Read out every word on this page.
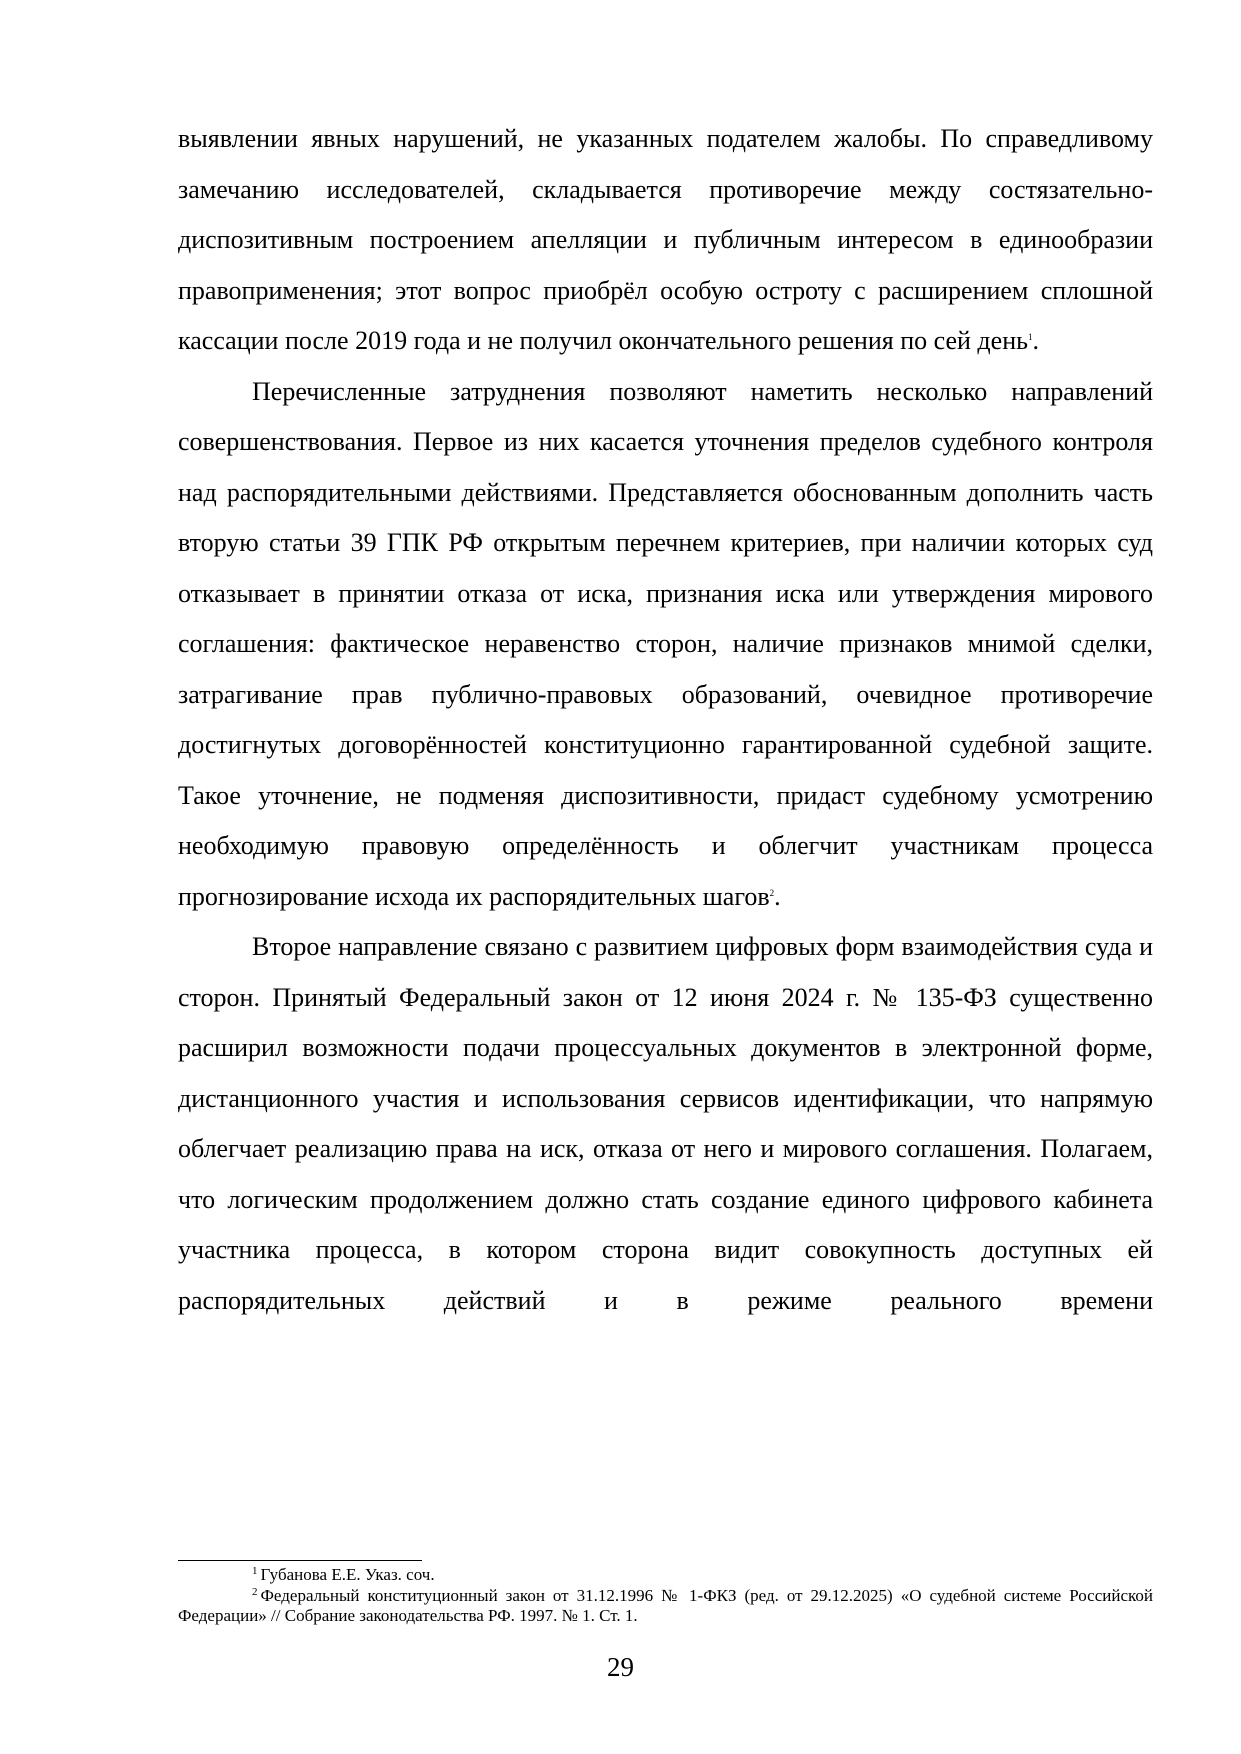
выявлении явных нарушений, не указанных подателем жалобы. По справедливому замечанию исследователей, складывается противоречие между состязательно-диспозитивным построением апелляции и публичным интересом в единообразии правоприменения; этот вопрос приобрёл особую остроту с расширением сплошной кассации после 2019 года и не получил окончательного решения по сей день$^1$.

Перечисленные затруднения позволяют наметить несколько направлений совершенствования. Первое из них касается уточнения пределов судебного контроля над распорядительными действиями. Представляется обоснованным дополнить часть вторую статьи 39 ГПК РФ открытым перечнем критериев, при наличии которых суд отказывает в принятии отказа от иска, признания иска или утверждения мирового соглашения: фактическое неравенство сторон, наличие признаков мнимой сделки, затрагивание прав публично-правовых образований, очевидное противоречие достигнутых договорённостей конституционно гарантированной судебной защите. Такое уточнение, не подменяя диспозитивности, придаст судебному усмотрению необходимую правовую определённость и облегчит участникам процесса прогнозирование исхода их распорядительных шагов$^2$.

Второе направление связано с развитием цифровых форм взаимодействия суда и сторон. Принятый Федеральный закон от 12 июня 2024 г. № 135-ФЗ существенно расширил возможности подачи процессуальных документов в электронной форме, дистанционного участия и использования сервисов идентификации, что напрямую облегчает реализацию права на иск, отказа от него и мирового соглашения. Полагаем, что логическим продолжением должно стать создание единого цифрового кабинета участника процесса, в котором сторона видит совокупность доступных ей распорядительных действий и в режиме реального времени

$^1$ Губанова Е.Е. Указ. соч.

$^2$ Федеральный конституционный закон от 31.12.1996 № 1-ФКЗ (ред. от 29.12.2025) «О судебной системе Российской Федерации» // Собрание законодательства РФ. 1997. № 1. Ст. 1.

29
